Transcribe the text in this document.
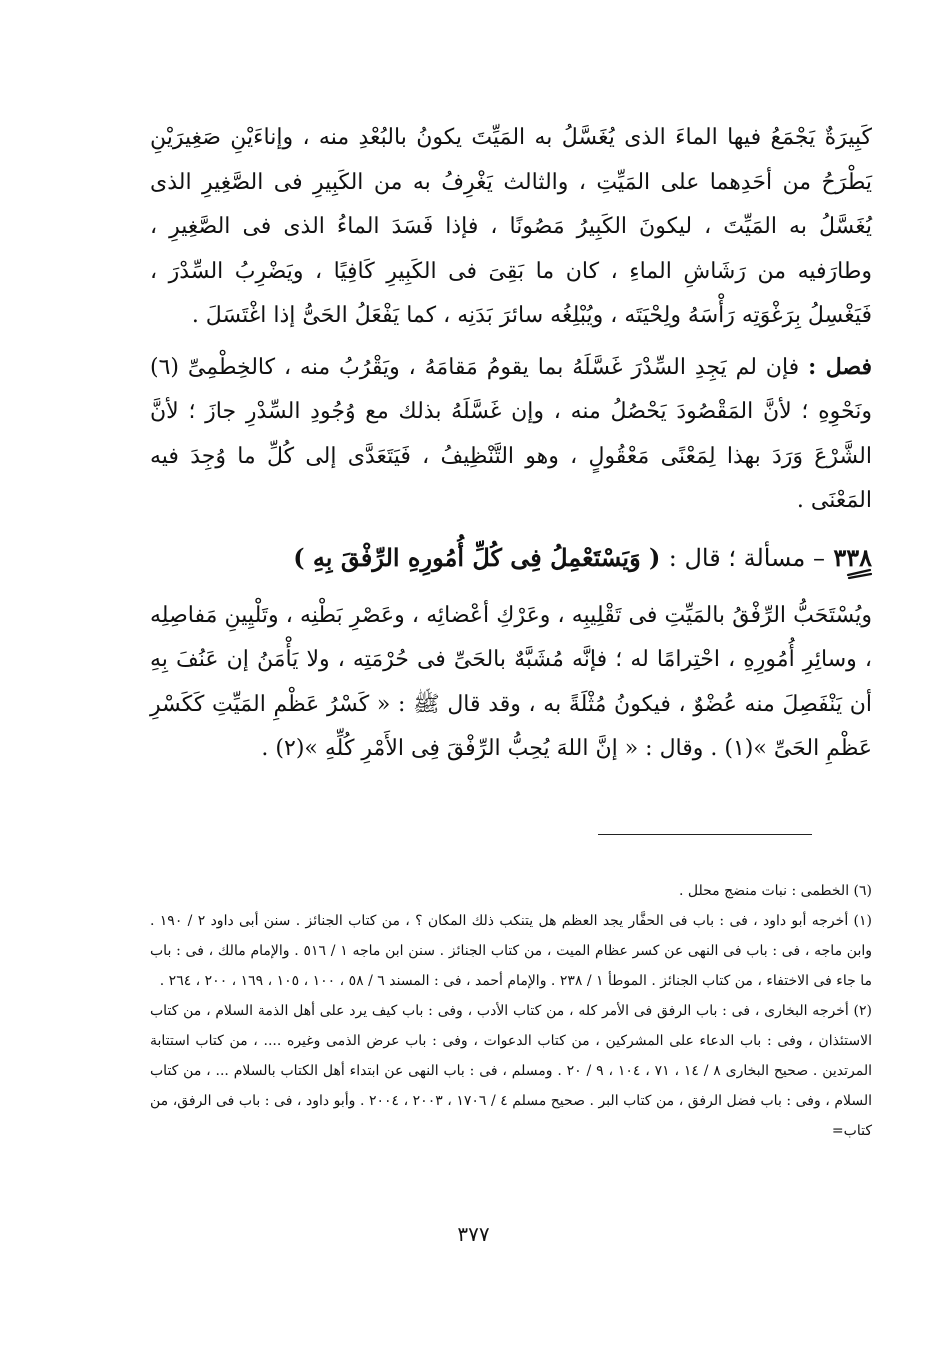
كَبِيرَةٌ يَجْمَعُ فيها الماءَ الذى يُغَسَّلُ به المَيِّتَ يكونُ بالبُعْدِ منه ، وإناءَيْنِ صَغِيرَيْنِ يَطْرَحُ من أحَدِهما على المَيِّتِ ، والثالث يَغْرِفُ به من الكَبِيرِ فى الصَّغِيرِ الذى يُغَسَّلُ به المَيِّتَ ، ليكونَ الكَبِيرُ مَصُونًا ، فإذا فَسَدَ الماءُ الذى فى الصَّغِيرِ ، وطارَفيه من رَشَاشِ الماءِ ، كان ما بَقِىَ فى الكَبِيرِ كَافِيًا ، ويَضْرِبُ السِّدْرَ ، فَيَغْسِلُ بِرَغْوَتِه رَأْسَهُ ولِحْيَتَه ، ويُبْلِغُه سائرَ بَدَنِه ، كما يَفْعَلُ الحَىُّ إذا اغْتَسَلَ .

فصل : فإن لم يَجِدِ السِّدْرَ غَسَّلَهُ بما يقومُ مَقامَهُ ، ويَقْرُبُ منه ، كالخِطْمِىِّ (٦) ونَحْوِهِ ؛ لأنَّ المَقْصُودَ يَحْصُلُ منه ، وإن غَسَّلَهُ بذلك مع وُجُودِ السِّدْرِ جازَ ؛ لأنَّ الشَّرْعَ وَرَدَ بهذا لِمَعْنًى مَعْقُولٍ ، وهو التَّنْظِيفُ ، فَيَتَعَدَّى إلى كُلِّ ما وُجِدَ فيه المَعْنَى .

٣٣٨ – مسألة ؛ قال : ( وَيَسْتَعْمِلُ فِى كُلِّ أُمُورِهِ الرِّفْقَ بِهِ )

ويُسْتَحَبُّ الرِّفْقُ بالمَيِّتِ فى تَقْلِيبِه ، وعَرْكِ أعْضائِه ، وعَصْرِ بَطْنِه ، وتَلْيِينِ مَفاصِلِه ، وسائِرِ أُمُورِهِ ، احْتِرامًا له ؛ فإنَّه مُشَبَّهٌ بالحَىِّ فى حُرْمَتِه ، ولا يَأْمَنُ إن عَنُفَ بِهِ أن يَنْفَصِلَ منه عُضْوٌ ، فيكونُ مُثْلَةً به ، وقد قال ﷺ : « كَسْرُ عَظْمِ المَيِّتِ كَكَسْرِ عَظْمِ الحَىِّ »(١) . وقال : « إنَّ اللهَ يُحِبُّ الرِّفْقَ فِى الأَمْرِ كُلِّهِ »(٢) .

(٦) الخطمى : نبات منضج محلل .

(١) أخرجه أبو داود ، فى : باب فى الحفَّار يجد العظم هل يتنكب ذلك المكان ؟ ، من كتاب الجنائز . سنن أبى داود ٢ / ١٩٠ . وابن ماجه ، فى : باب فى النهى عن كسر عظام الميت ، من كتاب الجنائز . سنن ابن ماجه ١ / ٥١٦ . والإمام مالك ، فى : باب ما جاء فى الاختفاء ، من كتاب الجنائز . الموطأ ١ / ٢٣٨ . والإمام أحمد ، فى : المسند ٦ / ٥٨ ، ١٠٠ ، ١٠٥ ، ١٦٩ ، ٢٠٠ ، ٢٦٤ .

(٢) أخرجه البخارى ، فى : باب الرفق فى الأمر كله ، من كتاب الأدب ، وفى : باب كيف يرد على أهل الذمة السلام ، من كتاب الاستئذان ، وفى : باب الدعاء على المشركين ، من كتاب الدعوات ، وفى : باب عرض الذمى وغيره .... ، من كتاب استتابة المرتدين . صحيح البخارى ٨ / ١٤ ، ٧١ ، ١٠٤ ، ٩ / ٢٠ . ومسلم ، فى : باب النهى عن ابتداء أهل الكتاب بالسلام ... ، من كتاب السلام ، وفى : باب فضل الرفق ، من كتاب البر . صحيح مسلم ٤ / ١٧٠٦ ، ٢٠٠٣ ، ٢٠٠٤ . وأبو داود ، فى : باب فى الرفق، من كتاب=

٣٧٧
